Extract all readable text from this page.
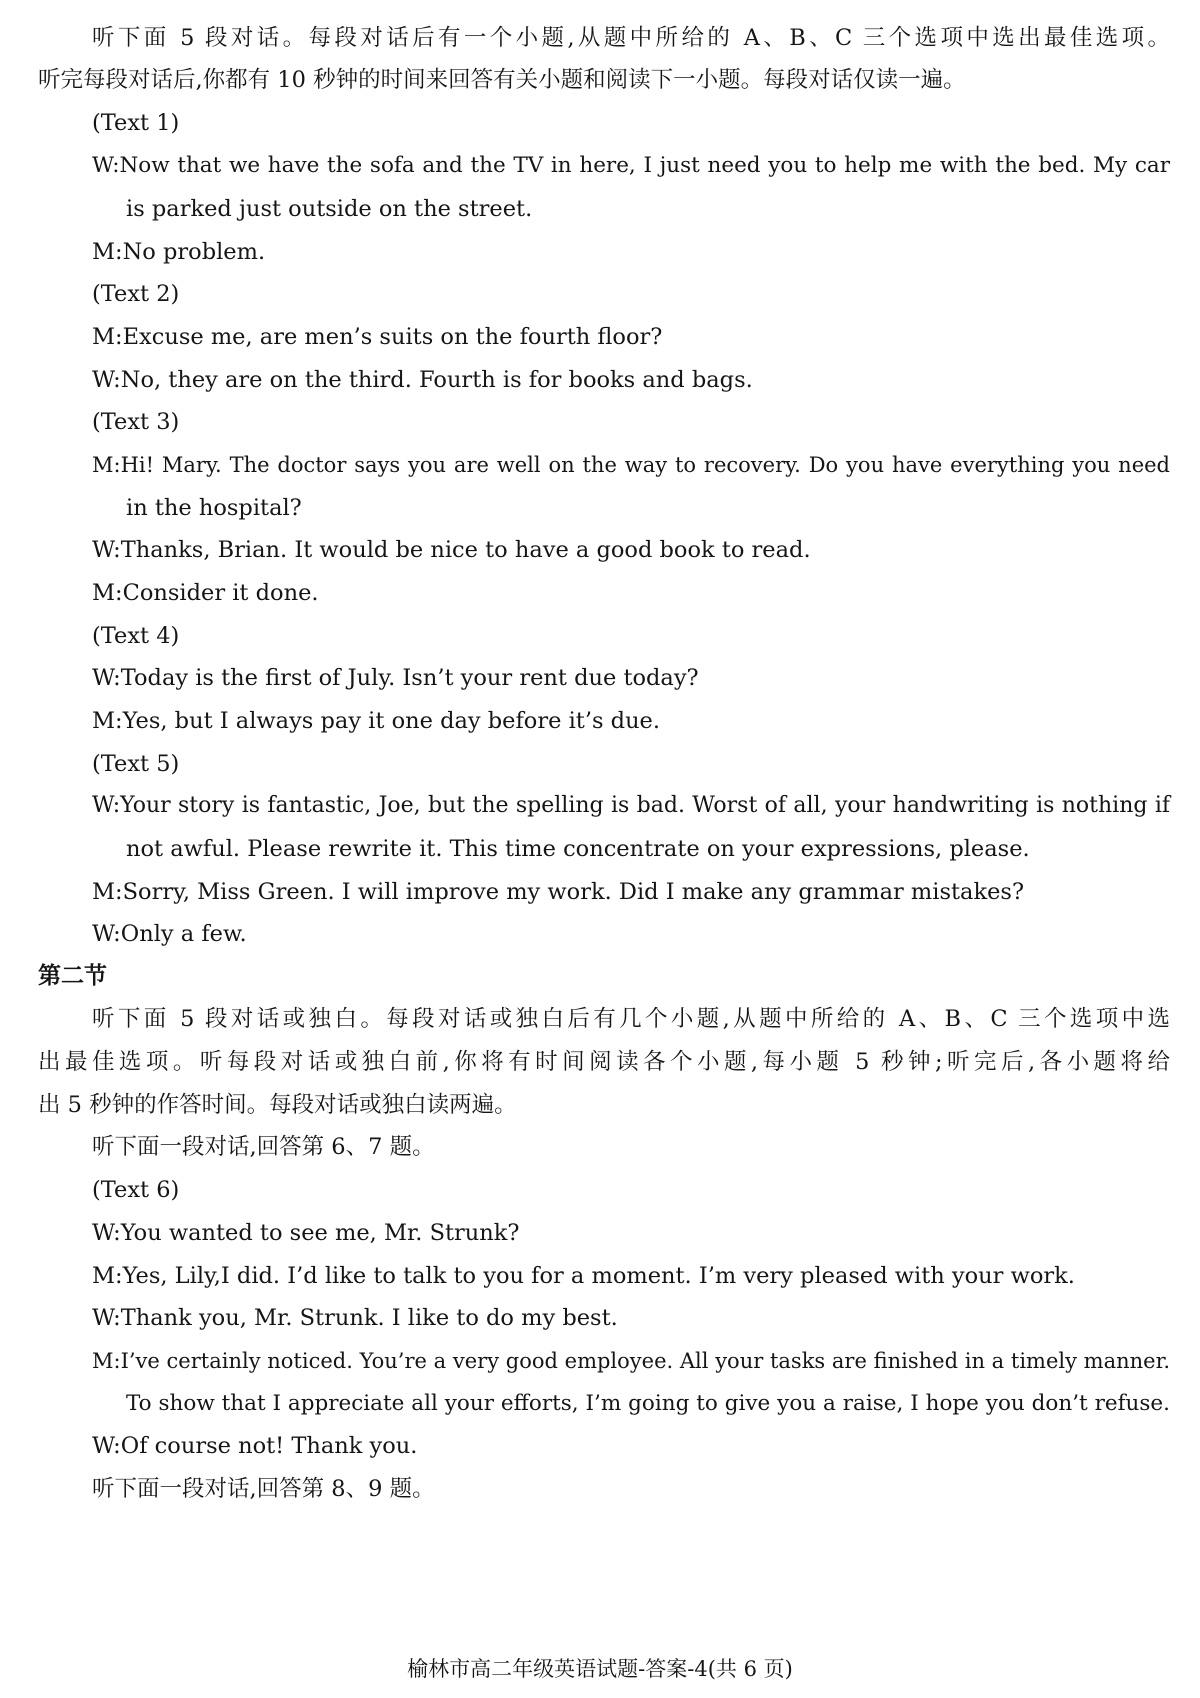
听下面 5 段对话。每段对话后有一个小题,从题中所给的 A、B、C 三个选项中选出最佳选项。
听完每段对话后,你都有 10 秒钟的时间来回答有关小题和阅读下一小题。每段对话仅读一遍。
(Text 1)
W:Now that we have the sofa and the TV in here, I just need you to help me with the bed. My car
is parked just outside on the street.
M:No problem.
(Text 2)
M:Excuse me, are men’s suits on the fourth floor?
W:No, they are on the third. Fourth is for books and bags.
(Text 3)
M:Hi! Mary. The doctor says you are well on the way to recovery. Do you have everything you need
in the hospital?
W:Thanks, Brian. It would be nice to have a good book to read.
M:Consider it done.
(Text 4)
W:Today is the first of July. Isn’t your rent due today?
M:Yes, but I always pay it one day before it’s due.
(Text 5)
W:Your story is fantastic, Joe, but the spelling is bad. Worst of all, your handwriting is nothing if
not awful. Please rewrite it. This time concentrate on your expressions, please.
M:Sorry, Miss Green. I will improve my work. Did I make any grammar mistakes?
W:Only a few.
第二节
听下面 5 段对话或独白。每段对话或独白后有几个小题,从题中所给的 A、B、C 三个选项中选
出最佳选项。听每段对话或独白前,你将有时间阅读各个小题,每小题 5 秒钟;听完后,各小题将给
出 5 秒钟的作答时间。每段对话或独白读两遍。
听下面一段对话,回答第 6、7 题。
(Text 6)
W:You wanted to see me, Mr. Strunk?
M:Yes, Lily,I did. I’d like to talk to you for a moment. I’m very pleased with your work.
W:Thank you, Mr. Strunk. I like to do my best.
M:I’ve certainly noticed. You’re a very good employee. All your tasks are finished in a timely manner.
To show that I appreciate all your efforts, I’m going to give you a raise, I hope you don’t refuse.
W:Of course not! Thank you.
听下面一段对话,回答第 8、9 题。
榆林市高二年级英语试题-答案-4(共 6 页)
